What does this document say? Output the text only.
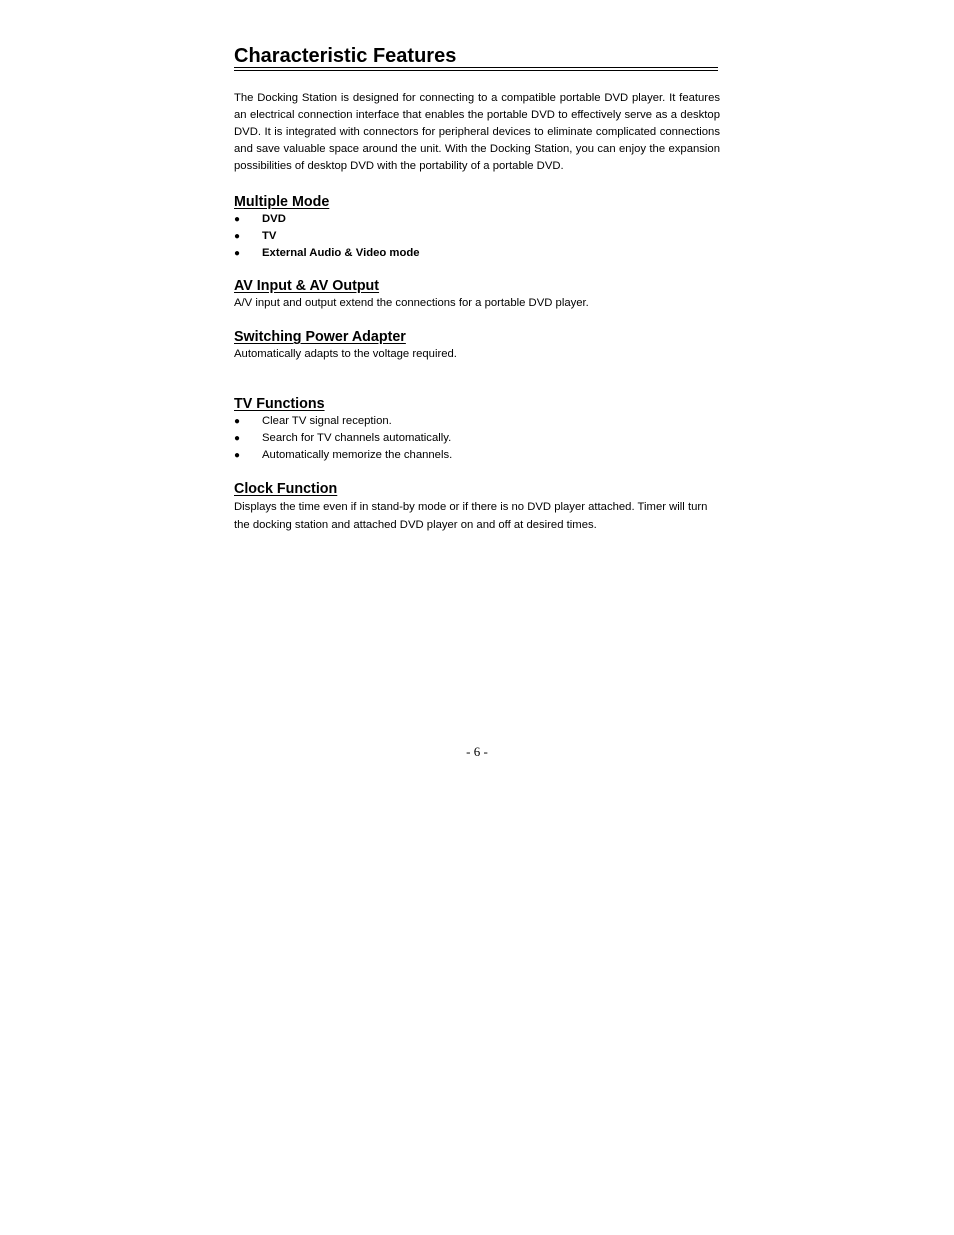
Characteristic Features

The Docking Station is designed for connecting to a compatible portable DVD player. It features an electrical connection interface that enables the portable DVD to effectively serve as a desktop DVD. It is integrated with connectors for peripheral devices to eliminate complicated connections and save valuable space around the unit. With the Docking Station, you can enjoy the expansion possibilities of desktop DVD with the portability of a portable DVD.

Multiple Mode
● DVD
● TV
● External Audio & Video mode
AV Input & AV Output

A/V input and output extend the connections for a portable DVD player.

Switching Power Adapter

Automatically adapts to the voltage required.

TV Functions
● Clear TV signal reception.
● Search for TV channels automatically.
● Automatically memorize the channels.
Clock Function

Displays the time even if in stand-by mode or if there is no DVD player attached. Timer will turn the docking station and attached DVD player on and off at desired times.

- 6 -
